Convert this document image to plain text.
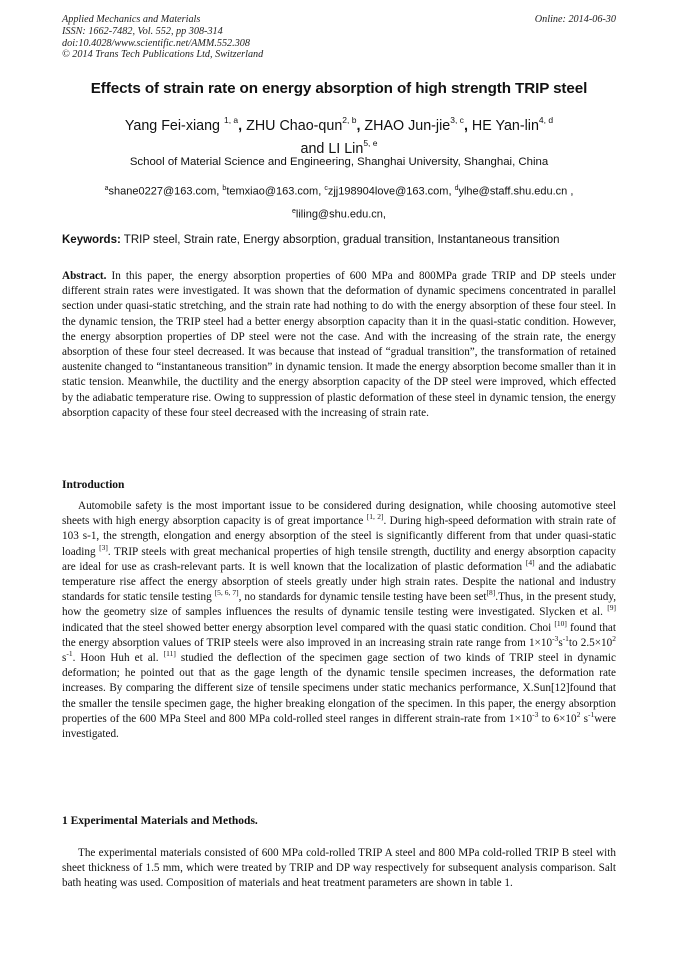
Applied Mechanics and Materials
ISSN: 1662-7482, Vol. 552, pp 308-314
doi:10.4028/www.scientific.net/AMM.552.308
© 2014 Trans Tech Publications Ltd, Switzerland
Online: 2014-06-30
Effects of strain rate on energy absorption of high strength TRIP steel
Yang Fei-xiang $^{1, a}$, ZHU Chao-qun$^{2, b}$, ZHAO Jun-jie$^{3, c}$, HE Yan-lin$^{4, d}$
and LI Lin$^{5, e}$
School of Material Science and Engineering, Shanghai University, Shanghai, China
$^a$shane0227@163.com, $^b$temxiao@163.com, $^c$zjj198904love@163.com, $^d$ylhe@staff.shu.edu.cn ,
$^e$liling@shu.edu.cn,
Keywords: TRIP steel, Strain rate, Energy absorption, gradual transition, Instantaneous transition
Abstract. In this paper, the energy absorption properties of 600 MPa and 800MPa grade TRIP and DP steels under different strain rates were investigated. It was shown that the deformation of dynamic specimens concentrated in parallel section under quasi-static stretching, and the strain rate had nothing to do with the energy absorption of these four steel. In the dynamic tension, the TRIP steel had a better energy absorption capacity than it in the quasi-static condition. However, the energy absorption properties of DP steel were not the case. And with the increasing of the strain rate, the energy absorption of these four steel decreased. It was because that instead of “gradual transition”, the transformation of retained austenite changed to “instantaneous transition” in dynamic tension. It made the energy absorption become smaller than it in static tension. Meanwhile, the ductility and the energy absorption capacity of the DP steel were improved, which effected by the adiabatic temperature rise. Owing to suppression of plastic deformation of these steel in dynamic tension, the energy absorption capacity of these four steel decreased with the increasing of strain rate.
Introduction

Automobile safety is the most important issue to be considered during designation, while choosing automotive steel sheets with high energy absorption capacity is of great importance [1, 2]. During high-speed deformation with strain rate of 103 s-1, the strength, elongation and energy absorption of the steel is significantly different from that under quasi-static loading [3]. TRIP steels with great mechanical properties of high tensile strength, ductility and energy absorption capacity are ideal for use as crash-relevant parts. It is well known that the localization of plastic deformation [4] and the adiabatic temperature rise affect the energy absorption of steels greatly under high strain rates. Despite the national and industry standards for static tensile testing [5, 6, 7], no standards for dynamic tensile testing have been set[8].Thus, in the present study, how the geometry size of samples influences the results of dynamic tensile testing were investigated. Slycken et al. [9] indicated that the steel showed better energy absorption level compared with the quasi static condition. Choi [10] found that the energy absorption values of TRIP steels were also improved in an increasing strain rate range from $1\times 10^{-3}s^{-1}to$ $2.5\times 10^2$ $s^{-1}$. Hoon Huh et al. [11] studied the deflection of the specimen gage section of two kinds of TRIP steel in dynamic deformation; he pointed out that as the gage length of the dynamic tensile specimen increases, the deformation rate increases. By comparing the different size of tensile specimens under static mechanics performance, X.Sun[12]found that the smaller the tensile specimen gage, the higher breaking elongation of the specimen. In this paper, the energy absorption properties of the 600 MPa Steel and 800 MPa cold-rolled steel ranges in different strain-rate from $1\times 10^{-3}$ to $6\times 10^2$ $s^{-1}were$ investigated.

1 Experimental Materials and Methods.

The experimental materials consisted of 600 MPa cold-rolled TRIP A steel and 800 MPa cold-rolled TRIP B steel with sheet thickness of 1.5 mm, which were treated by TRIP and DP way respectively for subsequent analysis comparison. Salt bath heating was used. Composition of materials and heat treatment parameters are shown in table 1.
